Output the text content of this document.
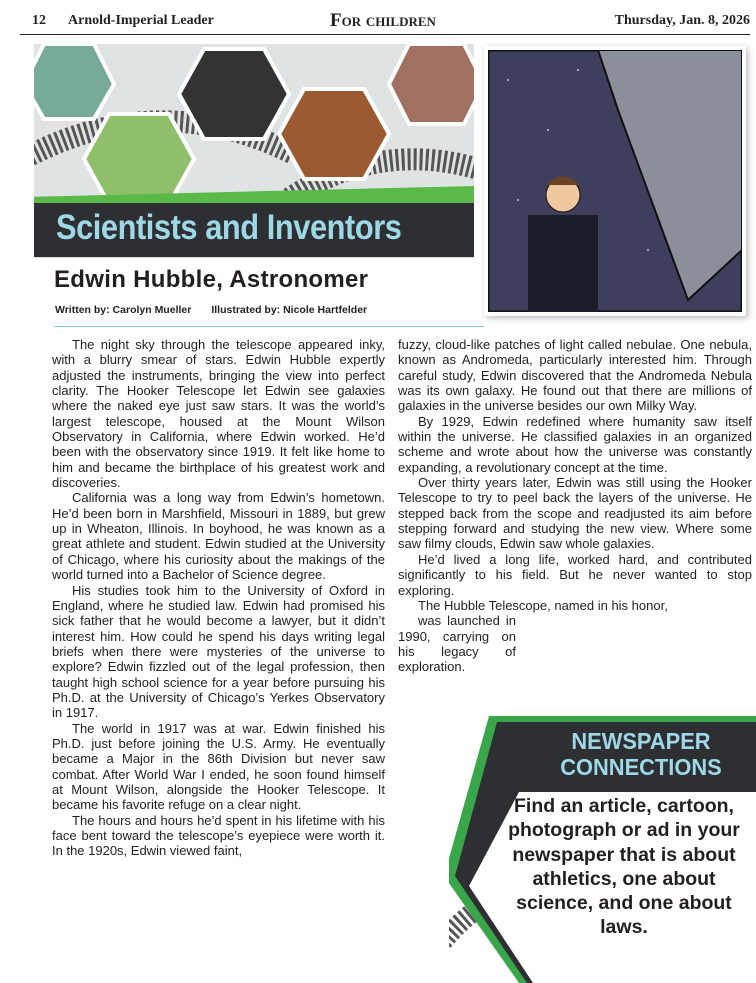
12 Arnold-Imperial Leader	For children	Thursday, Jan. 8, 2026
Scientists and Inventors
Edwin Hubble, Astronomer
Written by: Carolyn Mueller Illustrated by: Nicole Hartfelder

The night sky through the telescope appeared inky, with a blurry smear of stars. Edwin Hubble expertly adjusted the instruments, bringing the view into perfect clarity. The Hooker Telescope let Edwin see galaxies where the naked eye just saw stars. It was the world’s largest telescope, housed at the Mount Wilson Observatory in California, where Edwin worked. He’d been with the observatory since 1919. It felt like home to him and became the birthplace of his greatest work and discoveries.

California was a long way from Edwin’s hometown. He’d been born in Marshfield, Missouri in 1889, but grew up in Wheaton, Illinois. In boyhood, he was known as a great athlete and student. Edwin studied at the University of Chicago, where his curiosity about the makings of the world turned into a Bachelor of Science degree.

His studies took him to the University of Oxford in England, where he studied law. Edwin had promised his sick father that he would become a lawyer, but it didn’t interest him. How could he spend his days writing legal briefs when there were mysteries of the universe to explore? Edwin fizzled out of the legal profession, then taught high school science for a year before pursuing his Ph.D. at the University of Chicago’s Yerkes Observatory in 1917.

The world in 1917 was at war. Edwin finished his Ph.D. just before joining the U.S. Army. He eventually became a Major in the 86th Division but never saw combat. After World War I ended, he soon found himself at Mount Wilson, alongside the Hooker Telescope. It became his favorite refuge on a clear night.

The hours and hours he’d spent in his lifetime with his face bent toward the telescope’s eyepiece were worth it. In the 1920s, Edwin viewed faint,

fuzzy, cloud-like patches of light called nebulae. One nebula, known as Andromeda, particularly interested him. Through careful study, Edwin discovered that the Andromeda Nebula was its own galaxy. He found out that there are millions of galaxies in the universe besides our own Milky Way.

By 1929, Edwin redefined where humanity saw itself within the universe. He classified galaxies in an organized scheme and wrote about how the universe was constantly expanding, a revolutionary concept at the time.

Over thirty years later, Edwin was still using the Hooker Telescope to try to peel back the layers of the universe. He stepped back from the scope and readjusted its aim before stepping forward and studying the new view. Where some saw filmy clouds, Edwin saw whole galaxies.

He’d lived a long life, worked hard, and contributed significantly to his field. But he never wanted to stop exploring.

The Hubble Telescope, named in his honor,

was launched in 1990, carrying on his legacy of exploration.

NEWSPAPER
CONNECTIONS
Find an article, cartoon, photograph or ad in your newspaper that is about athletics, one about science, and one about laws.
